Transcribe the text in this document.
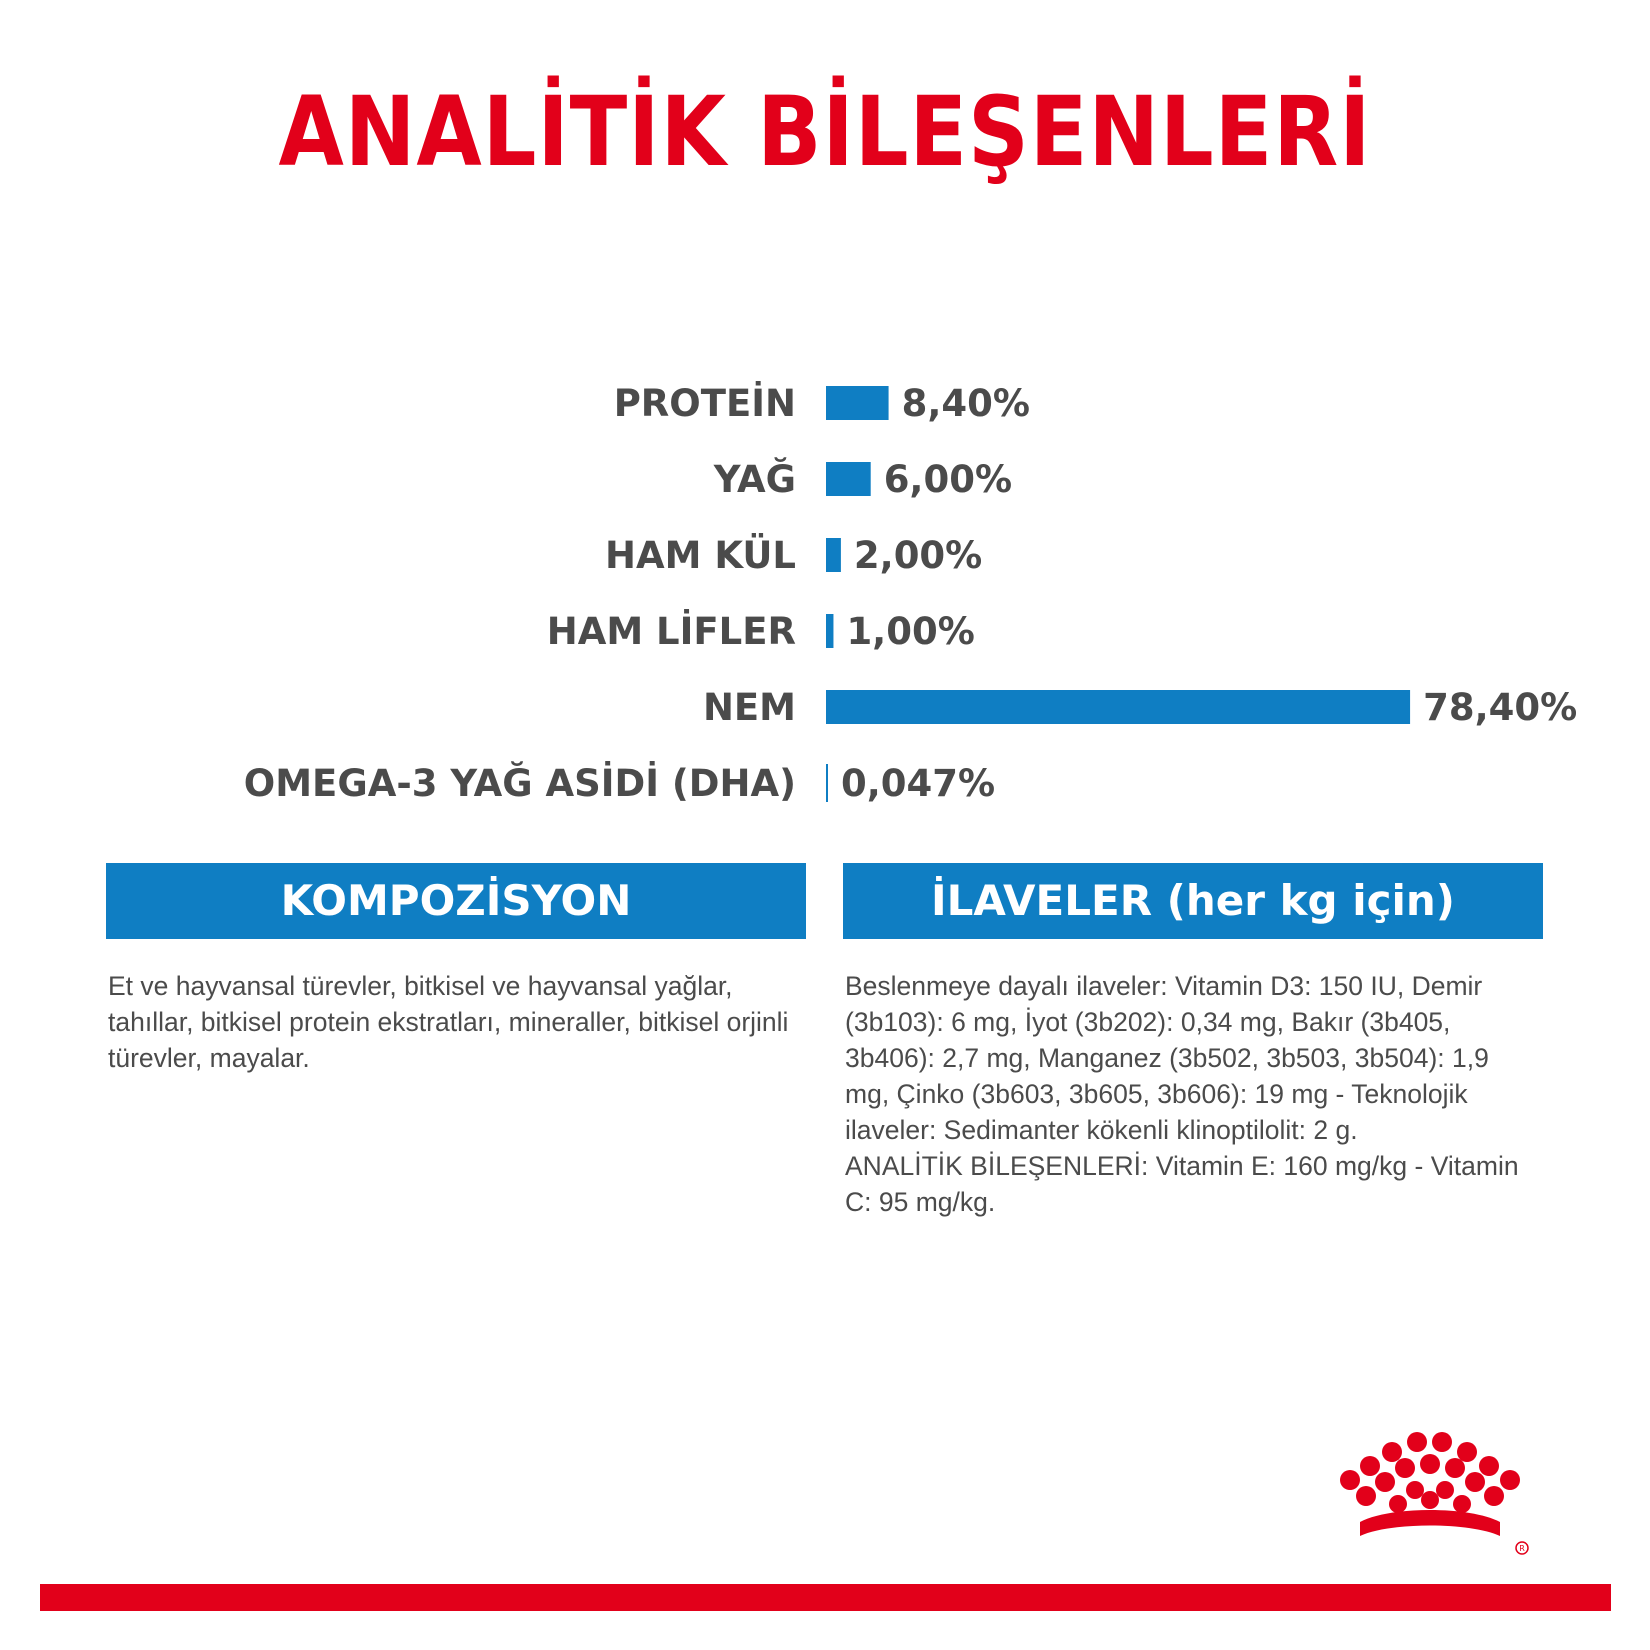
ANALİTİK BİLEŞENLERİ
PROTEİN	8,40%
YAĞ 6,00%
HAM KÜL 2,00%
HAM LİFLER 1,00%
NEM	78,40%
OMEGA-3 YAĞ ASİDİ (DHA) 0,047%
KOMPOZİSYON	İLAVELER (her kg için)

Et ve hayvansal türevler, bitkisel ve hayvansal yağlar, tahıllar, bitkisel protein ekstratları, mineraller, bitkisel orjinli türevler, mayalar.

Beslenmeye dayalı ilaveler: Vitamin D3: 150 IU, Demir (3b103): 6 mg, İyot (3b202): 0,34 mg, Bakır (3b405, 3b406): 2,7 mg, Manganez (3b502, 3b503, 3b504): 1,9 mg, Çinko (3b603, 3b605, 3b606): 19 mg - Teknolojik ilaveler: Sedimanter kökenli klinoptilolit: 2 g.

ANALİTİK BİLEŞENLERİ: Vitamin E: 160 mg/kg - Vitamin C: 95 mg/kg.

R
